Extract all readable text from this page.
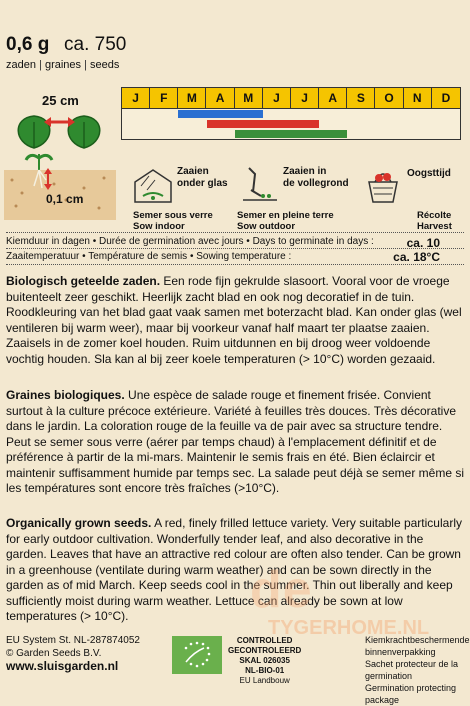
0,6 g ca. 750
zaden | graines | seeds
25 cm
0,1 cm
J	F	M	A	M	J	J	A	S	O	N	D
Zaaien
onder glas
Semer sous verre
Sow indoor
Zaaien in
de vollegrond
Semer en pleine terre
Sow outdoor
Oogsttijd
Récolte
Harvest
Kiemduur in dagen • Durée de germination avec jours • Days to germinate in days :	ca. 10
Zaaitemperatuur • Température de semis • Sowing temperature :	ca. 18°C
Biologisch geteelde zaden. Een rode fijn gekrulde slasoort. Vooral voor de vroege buitenteelt zeer geschikt. Heerlijk zacht blad en ook nog decoratief in de tuin. Roodkleuring van het blad gaat vaak samen met boterzacht blad. Kan onder glas (wel ventileren bij warm weer), maar bij voorkeur vanaf half maart ter plaatse zaaien. Zaaisels in de zomer koel houden. Ruim uitdunnen en bij droog weer voldoende vochtig houden. Sla kan al bij zeer koele temperaturen (> 10°C) worden gezaaid.
Graines biologiques. Une espèce de salade rouge et finement frisée. Convient surtout à la culture précoce extérieure. Variété à feuilles très douces. Très décorative dans le jardin. La coloration rouge de la feuille va de pair avec sa structure tendre. Peut se semer sous verre (aérer par temps chaud) à l'emplacement définitif et de préférence à partir de la mi-mars. Maintenir le semis frais en été. Bien éclaircir et maintenir suffisamment humide par temps sec. La salade peut déjà se semer même si les températures sont encore très fraîches (>10°C).
Organically grown seeds. A red, finely frilled lettuce variety. Very suitable particularly for early outdoor cultivation. Wonderfully tender leaf, and also decorative in the garden. Leaves that have an attractive red colour are often also tender. Can be grown in a greenhouse (ventilate during warm weather) and can be sown directly in the garden as of mid March. Keep seeds cool in the summer. Thin out liberally and keep sufficiently moist during warm weather. Lettuce can already be sown at low temperatures (> 10°C).	de
TYGERHOME.NL
EU System St. NL-287874052
© Garden Seeds B.V.
www.sluisgarden.nl
CONTROLLED
GECONTROLEERD
SKAL 026035
NL-BIO-01
EU Landbouw
Kiemkrachtbeschermende
binnenverpakking
Sachet protecteur de la germination
Germination protecting package
